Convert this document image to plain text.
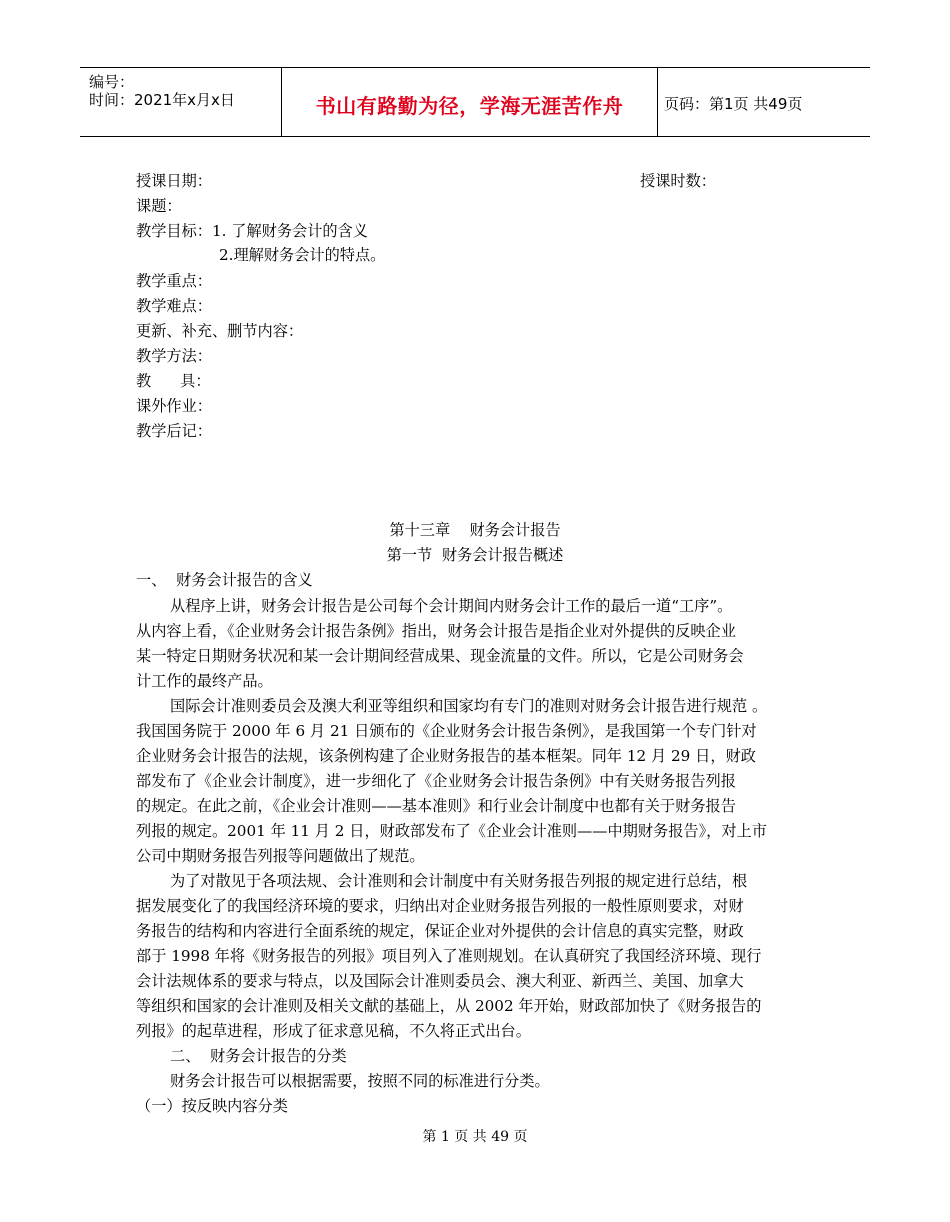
编号：
时间：2021年x月x日	书山有路勤为径，学海无涯苦作舟	页码：第1页 共49页
授课日期：	授课时数：
课题：
教学目标：1. 了解财务会计的含义
2.理解财务会计的特点。
教学重点：
教学难点：
更新、补充、删节内容：
教学方法：
教      具：
课外作业：
教学后记：
第十三章    财务会计报告
第一节  财务会计报告概述
一、  财务会计报告的含义
从程序上讲，财务会计报告是公司每个会计期间内财务会计工作的最后一道“工序”。
从内容上看，《企业财务会计报告条例》指出，财务会计报告是指企业对外提供的反映企业
某一特定日期财务状况和某一会计期间经营成果、现金流量的文件。所以，它是公司财务会
计工作的最终产品。
国际会计准则委员会及澳大利亚等组织和国家均有专门的准则对财务会计报告进行规范 。
我国国务院于 2000 年 6 月 21 日颁布的《企业财务会计报告条例》，是我国第一个专门针对
企业财务会计报告的法规，该条例构建了企业财务报告的基本框架。同年 12 月 29 日，财政
部发布了《企业会计制度》，进一步细化了《企业财务会计报告条例》中有关财务报告列报
的规定。在此之前，《企业会计准则——基本准则》和行业会计制度中也都有关于财务报告
列报的规定。2001 年 11 月 2 日，财政部发布了《企业会计准则——中期财务报告》，对上市
公司中期财务报告列报等问题做出了规范。
为了对散见于各项法规、会计准则和会计制度中有关财务报告列报的规定进行总结，根
据发展变化了的我国经济环境的要求，归纳出对企业财务报告列报的一般性原则要求，对财
务报告的结构和内容进行全面系统的规定，保证企业对外提供的会计信息的真实完整，财政
部于 1998 年将《财务报告的列报》项目列入了准则规划。在认真研究了我国经济环境、现行
会计法规体系的要求与特点，以及国际会计准则委员会、澳大利亚、新西兰、美国、加拿大
等组织和国家的会计准则及相关文献的基础上，从 2002 年开始，财政部加快了《财务报告的
列报》的起草进程，形成了征求意见稿，不久将正式出台。
二、  财务会计报告的分类
财务会计报告可以根据需要，按照不同的标准进行分类。
（一）按反映内容分类
第 1 页 共 49 页
